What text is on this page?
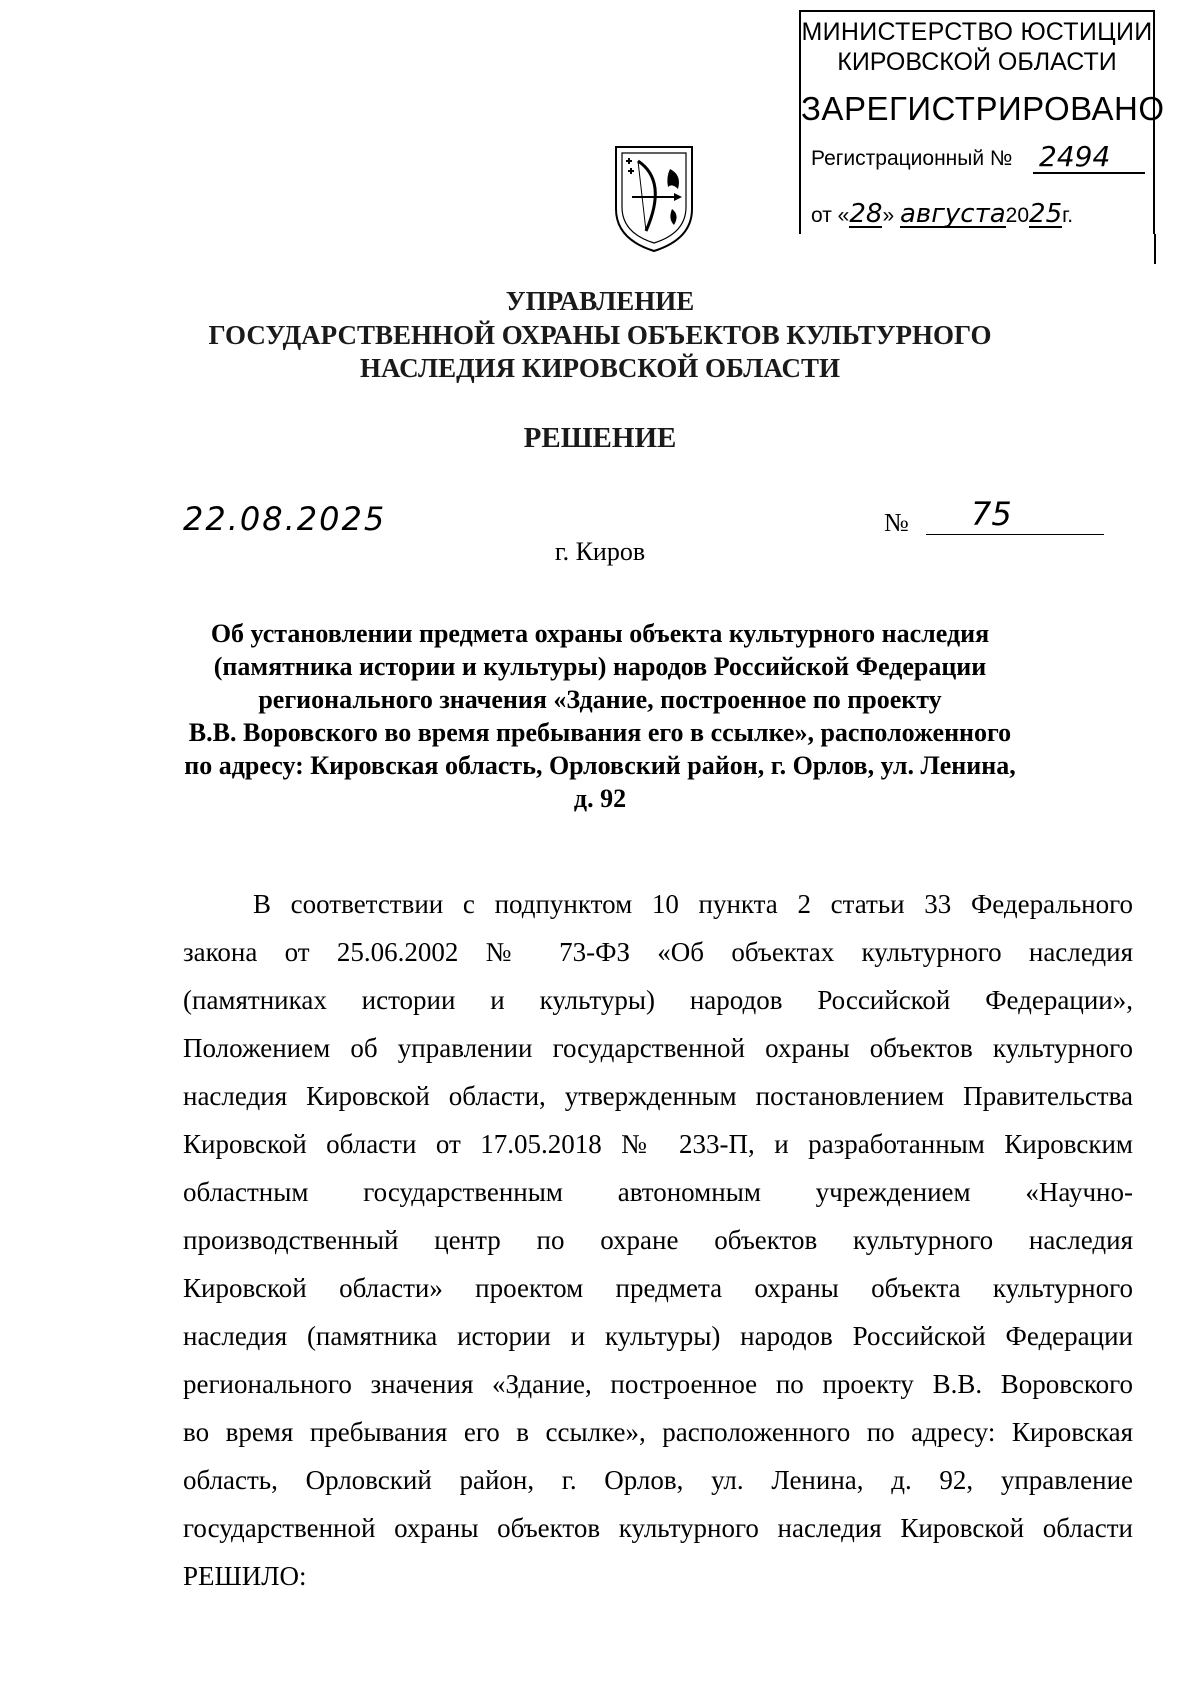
МИНИСТЕРСТВО ЮСТИЦИИ
КИРОВСКОЙ ОБЛАСТИ
ЗАРЕГИСТРИРОВАНО
Регистрационный № 2494
от «28» августа2025г.
УПРАВЛЕНИЕ
ГОСУДАРСТВЕННОЙ ОХРАНЫ ОБЪЕКТОВ КУЛЬТУРНОГО
НАСЛЕДИЯ КИРОВСКОЙ ОБЛАСТИ
РЕШЕНИЕ
22.08.2025	№	75
г. Киров
Об установлении предмета охраны объекта культурного наследия
(памятника истории и культуры) народов Российской Федерации
регионального значения «Здание, построенное по проекту
В.В. Воровского во время пребывания его в ссылке», расположенного
по адресу: Кировская область, Орловский район, г. Орлов, ул. Ленина,
д. 92
В соответствии с подпунктом 10 пункта 2 статьи 33 Федерального
закона от 25.06.2002 № 73-ФЗ «Об объектах культурного наследия
(памятниках истории и культуры) народов Российской Федерации»,
Положением об управлении государственной охраны объектов культурного
наследия Кировской области, утвержденным постановлением Правительства
Кировской области от 17.05.2018 № 233-П, и разработанным Кировским
областным государственным автономным учреждением «Научно-
производственный центр по охране объектов культурного наследия
Кировской области» проектом предмета охраны объекта культурного
наследия (памятника истории и культуры) народов Российской Федерации
регионального значения «Здание, построенное по проекту В.В. Воровского
во время пребывания его в ссылке», расположенного по адресу: Кировская
область, Орловский район, г. Орлов, ул. Ленина, д. 92, управление
государственной охраны объектов культурного наследия Кировской области
РЕШИЛО:
